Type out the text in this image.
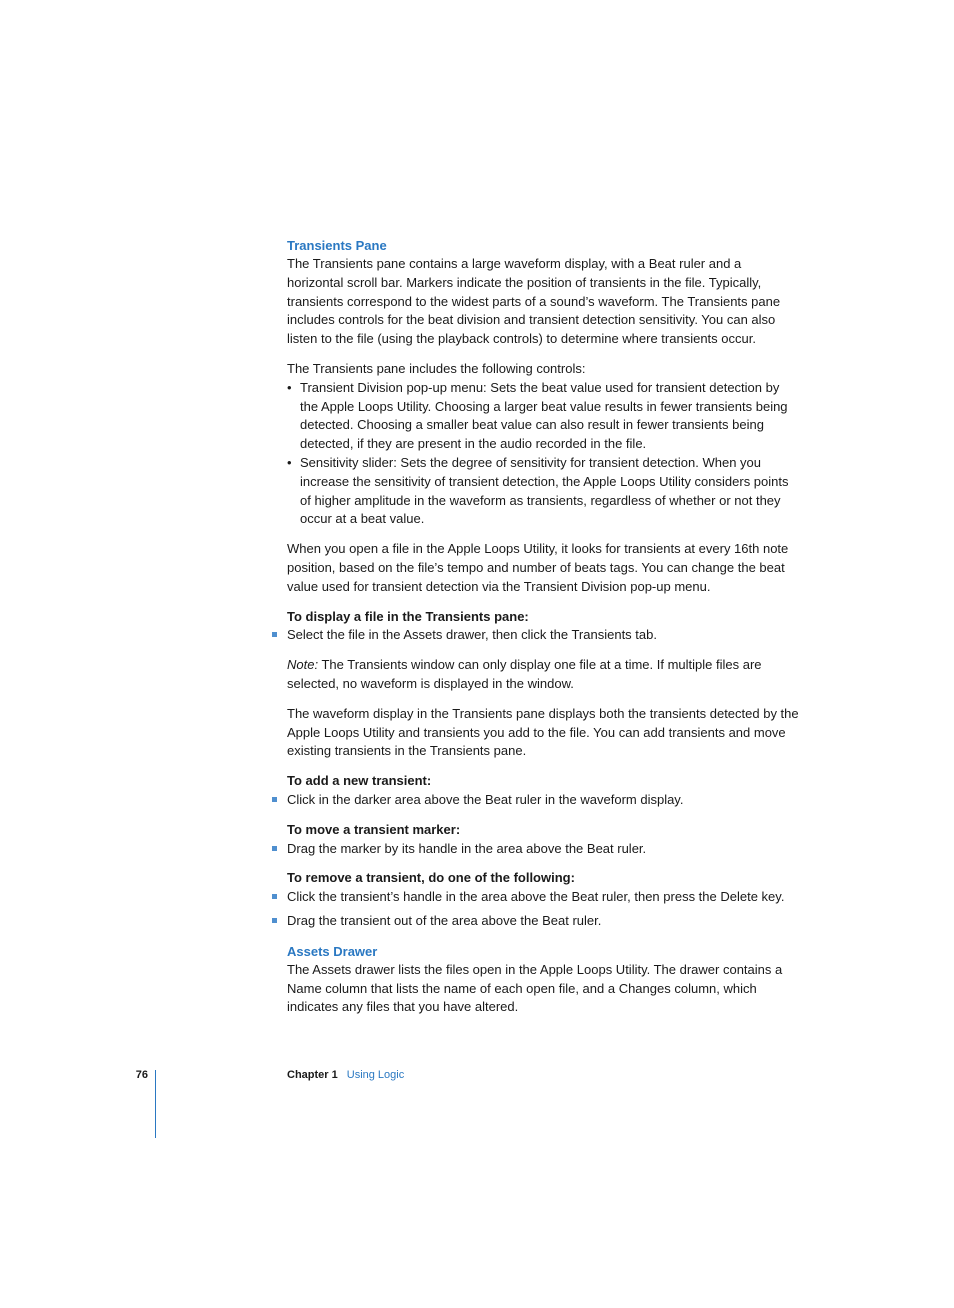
Transients Pane

The Transients pane contains a large waveform display, with a Beat ruler and a horizontal scroll bar. Markers indicate the position of transients in the file. Typically, transients correspond to the widest parts of a sound’s waveform. The Transients pane includes controls for the beat division and transient detection sensitivity. You can also listen to the file (using the playback controls) to determine where transients occur.

The Transients pane includes the following controls:

• Transient Division pop-up menu: Sets the beat value used for transient detection by the Apple Loops Utility. Choosing a larger beat value results in fewer transients being detected. Choosing a smaller beat value can also result in fewer transients being detected, if they are present in the audio recorded in the file.
• Sensitivity slider: Sets the degree of sensitivity for transient detection. When you increase the sensitivity of transient detection, the Apple Loops Utility considers points of higher amplitude in the waveform as transients, regardless of whether or not they occur at a beat value.

When you open a file in the Apple Loops Utility, it looks for transients at every 16th note position, based on the file’s tempo and number of beats tags. You can change the beat value used for transient detection via the Transient Division pop-up menu.

To display a file in the Transients pane:

Select the file in the Assets drawer, then click the Transients tab.

Note: The Transients window can only display one file at a time. If multiple files are selected, no waveform is displayed in the window.

The waveform display in the Transients pane displays both the transients detected by the Apple Loops Utility and transients you add to the file. You can add transients and move existing transients in the Transients pane.

To add a new transient:

Click in the darker area above the Beat ruler in the waveform display.

To move a transient marker:

Drag the marker by its handle in the area above the Beat ruler.

To remove a transient, do one of the following:

Click the transient’s handle in the area above the Beat ruler, then press the Delete key.
Drag the transient out of the area above the Beat ruler.
Assets Drawer

The Assets drawer lists the files open in the Apple Loops Utility. The drawer contains a Name column that lists the name of each open file, and a Changes column, which indicates any files that you have altered.

76	Chapter 1 Using Logic
